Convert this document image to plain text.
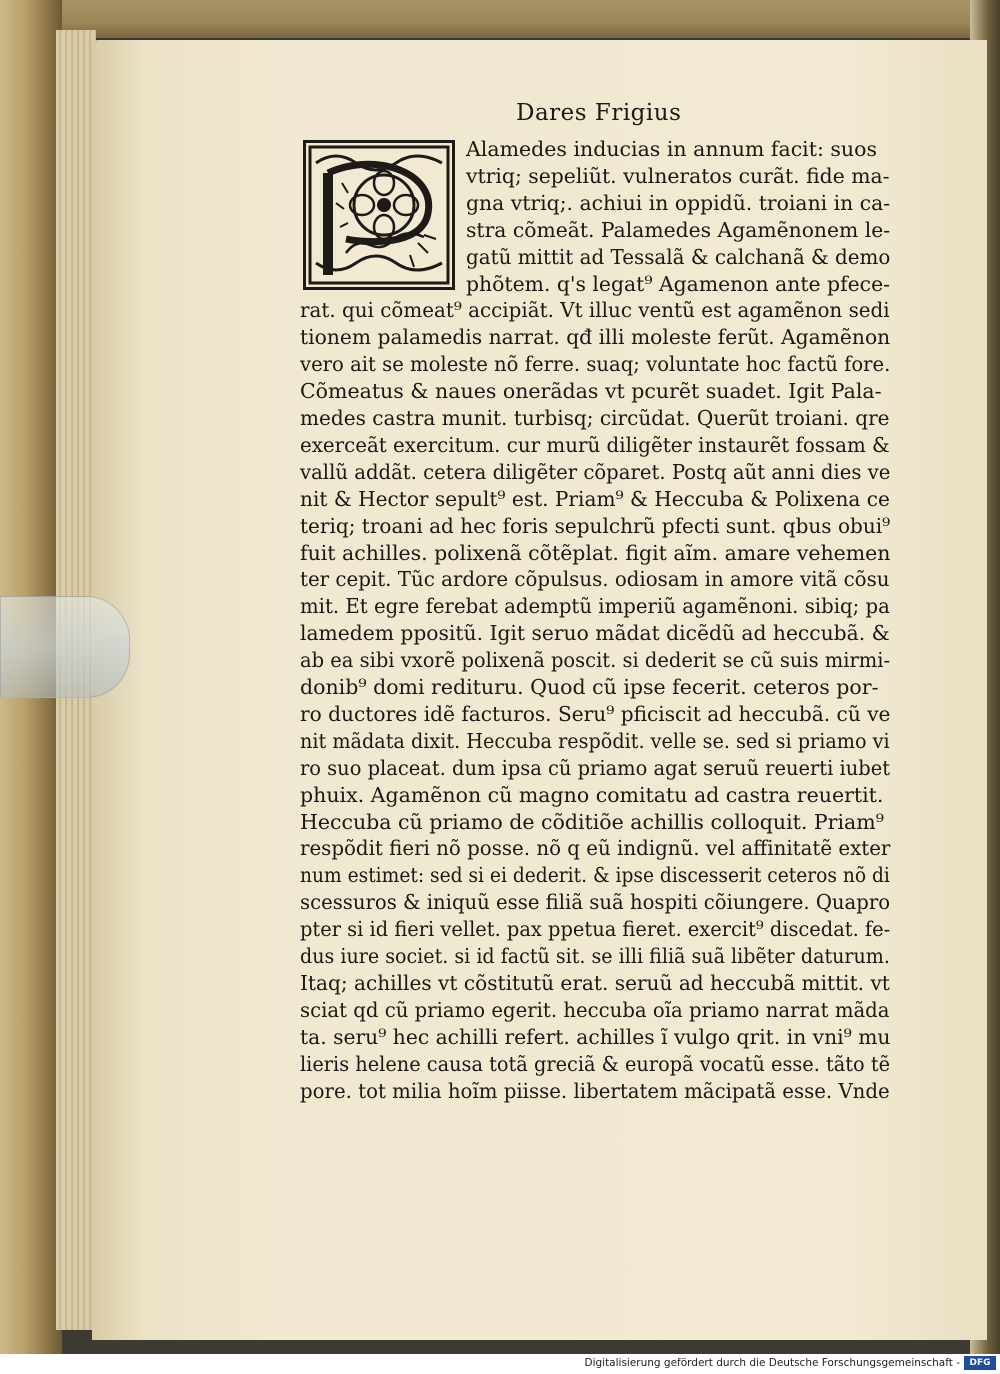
Dares Frigius
Alamedes inducias in annum facit: suos
vtriq; sepeliũt. vulneratos curãt. fide ma-
gna vtriq;. achiui in oppidũ. troiani in ca-
stra cõmeãt. Palamedes Agamẽnonem le-
gatũ mittit ad Tessalã & calchanã & demo
phõtem. q's legat⁹ Agamenon ante pfece-
rat. qui cõmeat⁹ accipiãt. Vt illuc ventũ est agamẽnon sedi
tionem palamedis narrat. qđ illi moleste ferũt. Agamẽnon
vero ait se moleste nõ ferre. suaq; voluntate hoc factũ fore.
Cõmeatus & naues onerãdas vt pcurẽt suadet. Igit Pala-
medes castra munit. turbisq; circũdat. Querũt troiani. qre
exerceãt exercitum. cur murũ diligẽter instaurẽt fossam &
vallũ addãt. cetera diligẽter cõparet. Postq aũt anni dies ve
nit & Hector sepult⁹ est. Priam⁹ & Heccuba & Polixena ce
teriq; troani ad hec foris sepulchrũ pfecti sunt. qbus obui⁹
fuit achilles. polixenã cõtẽplat. figit aĩm. amare vehemen
ter cepit. Tũc ardore cõpulsus. odiosam in amore vitã cõsu
mit. Et egre ferebat ademptũ imperiũ agamẽnoni. sibiq; pa
lamedem ppositũ. Igit seruo mãdat dicẽdũ ad heccubã. &
ab ea sibi vxorẽ polixenã poscit. si dederit se cũ suis mirmi-
donib⁹ domi redituru. Quod cũ ipse fecerit. ceteros por-
ro ductores idẽ facturos. Seru⁹ pficiscit ad heccubã. cũ ve
nit mãdata dixit. Heccuba respõdit. velle se. sed si priamo vi
ro suo placeat. dum ipsa cũ priamo agat seruũ reuerti iubet
phuix. Agamẽnon cũ magno comitatu ad castra reuertit.
Heccuba cũ priamo de cõditiõe achillis colloquit. Priam⁹
respõdit fieri nõ posse. nõ q eũ indignũ. vel affinitatẽ exter
num estimet: sed si ei dederit. & ipse discesserit ceteros nõ di
scessuros & iniquũ esse filiã suã hospiti cõiungere. Quapro
pter si id fieri vellet. pax ppetua fieret. exercit⁹ discedat. fe-
dus iure societ. si id factũ sit. se illi filiã suã libẽter daturum.
Itaq; achilles vt cõstitutũ erat. seruũ ad heccubã mittit. vt
sciat qd cũ priamo egerit. heccuba oĩa priamo narrat mãda
ta. seru⁹ hec achilli refert. achilles ĩ vulgo qrit. in vni⁹ mu
lieris helene causa totã greciã & europã vocatũ esse. tãto tẽ
pore. tot milia hoĩm piisse. libertatem mãcipatã esse. Vnde
Digitalisierung gefördert durch die Deutsche Forschungsgemeinschaft -	DFG
